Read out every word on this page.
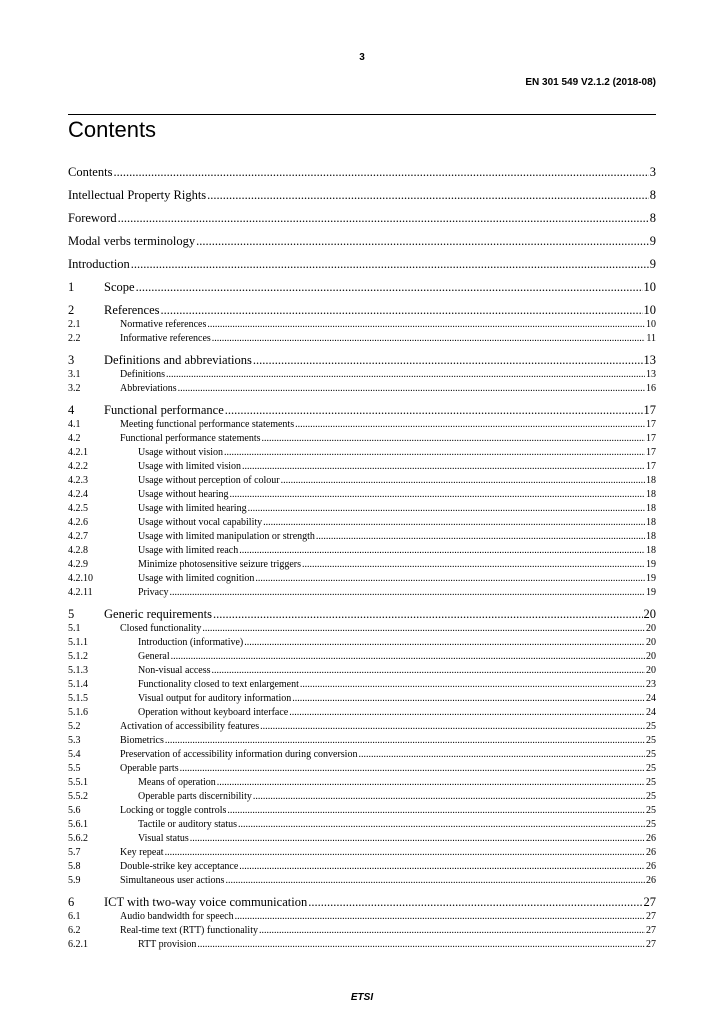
3
EN 301 549 V2.1.2 (2018-08)
Contents
Contents .....	3
Intellectual Property Rights .....	8
Foreword .....	8
Modal verbs terminology .....	9
Introduction .....	9
1	Scope .....	10
2	References .....	10
2.1	Normative references .....	10
2.2	Informative references .....	11
3	Definitions and abbreviations .....	13
3.1	Definitions .....	13
3.2	Abbreviations .....	16
4	Functional performance .....	17
4.1	Meeting functional performance statements .....	17
4.2	Functional performance statements .....	17
4.2.1	Usage without vision .....	17
4.2.2	Usage with limited vision .....	17
4.2.3	Usage without perception of colour .....	18
4.2.4	Usage without hearing .....	18
4.2.5	Usage with limited hearing .....	18
4.2.6	Usage without vocal capability .....	18
4.2.7	Usage with limited manipulation or strength .....	18
4.2.8	Usage with limited reach .....	18
4.2.9	Minimize photosensitive seizure triggers .....	19
4.2.10	Usage with limited cognition .....	19
4.2.11	Privacy .....	19
5	Generic requirements .....	20
5.1	Closed functionality .....	20
5.1.1	Introduction (informative) .....	20
5.1.2	General .....	20
5.1.3	Non-visual access .....	20
5.1.4	Functionality closed to text enlargement .....	23
5.1.5	Visual output for auditory information .....	24
5.1.6	Operation without keyboard interface .....	24
5.2	Activation of accessibility features .....	25
5.3	Biometrics .....	25
5.4	Preservation of accessibility information during conversion .....	25
5.5	Operable parts .....	25
5.5.1	Means of operation .....	25
5.5.2	Operable parts discernibility .....	25
5.6	Locking or toggle controls .....	25
5.6.1	Tactile or auditory status .....	25
5.6.2	Visual status .....	26
5.7	Key repeat .....	26
5.8	Double-strike key acceptance .....	26
5.9	Simultaneous user actions .....	26
6	ICT with two-way voice communication .....	27
6.1	Audio bandwidth for speech .....	27
6.2	Real-time text (RTT) functionality .....	27
6.2.1	RTT provision .....	27
ETSI
